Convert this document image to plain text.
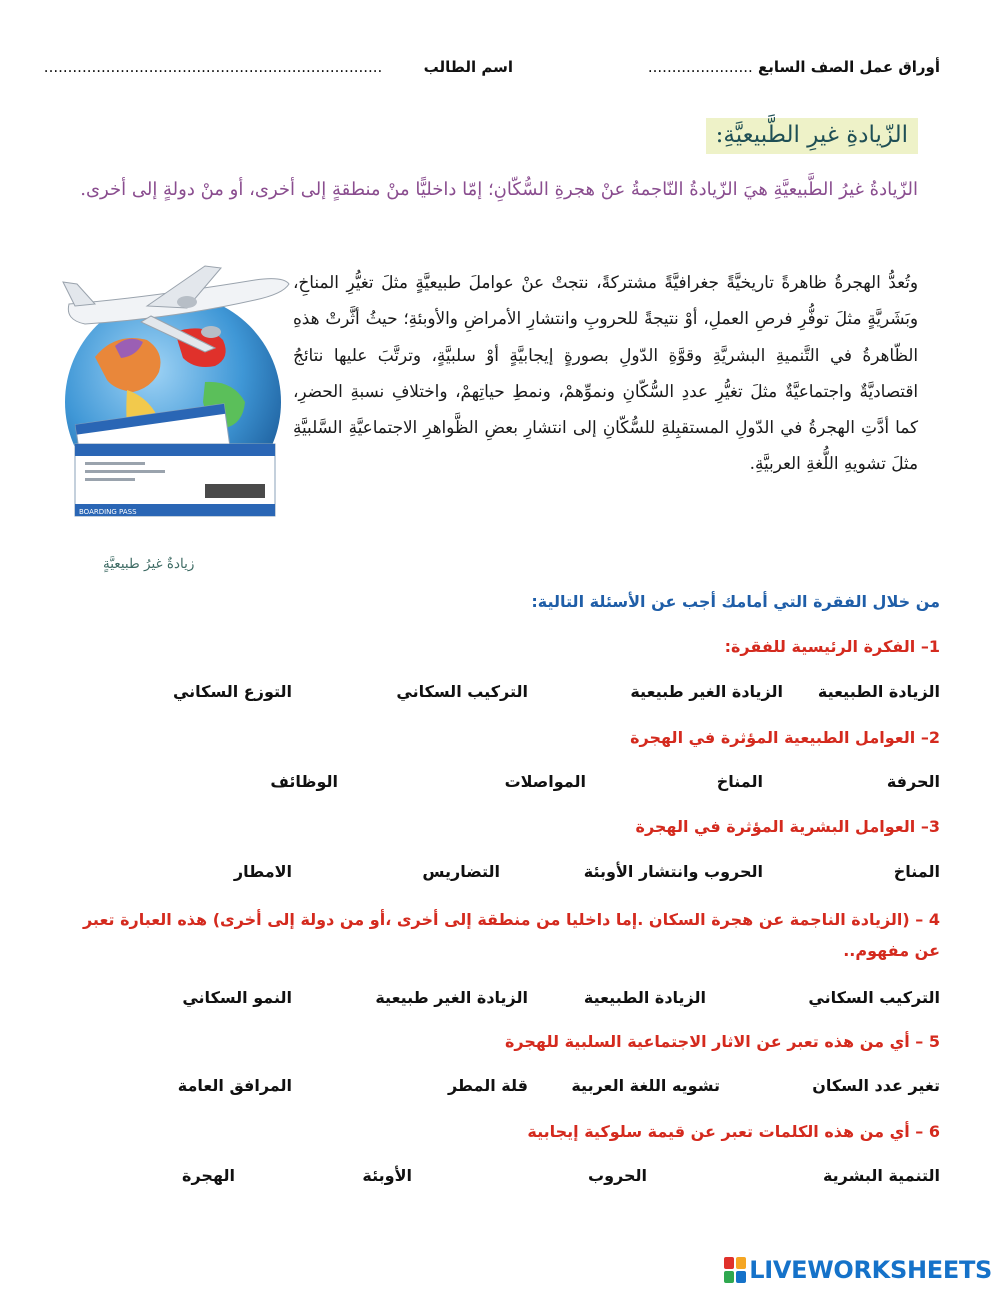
أوراق عمل الصف السابع ......................
اسم الطالب .......................................................................
الزّيادةِ غيرِ الطَّبيعيَّةِ:
الزّيادةُ غيرُ الطَّبيعيَّةِ هيَ الزّيادةُ النّاجمةُ عنْ هجرةِ السُّكّانِ؛ إمّا داخليًّا منْ منطقةٍ إلى أخرى، أو منْ دولةٍ إلى أخرى.
وتُعدُّ الهجرةُ ظاهرةً تاريخيَّةً جغرافيَّةً مشتركةً، نتجتْ عنْ عواملَ طبيعيَّةٍ مثلَ تغيُّرِ المناخِ، وبَشَريَّةٍ مثلَ توفُّرِ فرصِ العملِ، أوْ نتيجةً للحروبِ وانتشارِ الأمراضِ والأوبئةِ؛ حيثُ أثَّرتْ هذهِ الظّاهرةُ في التَّنميةِ البشريَّةِ وقوَّةِ الدّولِ بصورةٍ إيجابيَّةٍ أوْ سلبيَّةٍ، وترتَّبَ عليها نتائجُ اقتصاديَّةٌ واجتماعيَّةٌ مثلَ تغيُّرِ عددِ السُّكّانِ ونموِّهمْ، ونمطِ حياتِهمْ، واختلافِ نسبةِ الحضرِ، كما أدَّتِ الهجرةُ في الدّولِ المستقبِلةِ للسُّكّانِ إلى انتشارِ بعضِ الظَّواهرِ الاجتماعيَّةِ السَّلبيَّةِ مثلَ تشويهِ اللُّغةِ العربيَّةِ.
BOARDING PASS
زيادةٌ غيرُ طبيعيَّةٍ
من خلال الفقرة التي أمامك أجب عن الأسئلة التالية:
1– الفكرة الرئيسية للفقرة:
الزيادة الطبيعية
الزيادة الغير طبيعية
التركيب السكاني
التوزع السكاني
2– العوامل الطبيعية المؤثرة في الهجرة
الحرفة
المناخ
المواصلات
الوظائف
3– العوامل البشرية المؤثرة في الهجرة
المناخ
الحروب وانتشار الأوبئة
التضاريس
الامطار
4 – (الزيادة الناجمة عن هجرة السكان .إما داخليا من منطقة إلى أخرى ،أو من دولة إلى أخرى) هذه العبارة تعبر عن مفهوم..
التركيب السكاني
الزيادة الطبيعية
الزيادة الغير طبيعية
النمو السكاني
5 – أي من هذه تعبر عن الاثار الاجتماعية السلبية للهجرة
تغير عدد السكان
تشويه اللغة العربية
قلة المطر
المرافق العامة
6 – أي من هذه الكلمات تعبر عن قيمة سلوكية إيجابية
التنمية البشرية
الحروب
الأوبئة
الهجرة
LIVEWORKSHEETS
